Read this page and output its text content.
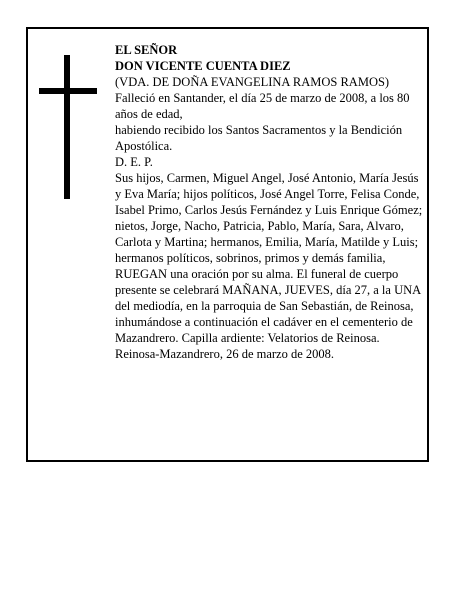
EL SEÑOR

DON VICENTE CUENTA DIEZ

(VDA. DE DOÑA EVANGELINA RAMOS RAMOS)

Falleció en Santander, el día 25 de marzo de 2008, a los 80 años de edad,

habiendo recibido los Santos Sacramentos y la Bendición Apostólica.

D. E. P.

Sus hijos, Carmen, Miguel Angel, José Antonio, María Jesús y Eva María; hijos políticos, José Angel Torre, Felisa Conde, Isabel Primo, Carlos Jesús Fernández y Luis Enrique Gómez; nietos, Jorge, Nacho, Patricia, Pablo, María, Sara, Alvaro, Carlota y Martina; hermanos, Emilia, María, Matilde y Luis; hermanos políticos, sobrinos, primos y demás familia,

RUEGAN una oración por su alma. El funeral de cuerpo presente se celebrará MAÑANA, JUEVES, día 27, a la UNA del mediodía, en la parroquia de San Sebastián, de Reinosa, inhumándose a continuación el cadáver en el cementerio de Mazandrero. Capilla ardiente: Velatorios de Reinosa.

Reinosa-Mazandrero, 26 de marzo de 2008.
